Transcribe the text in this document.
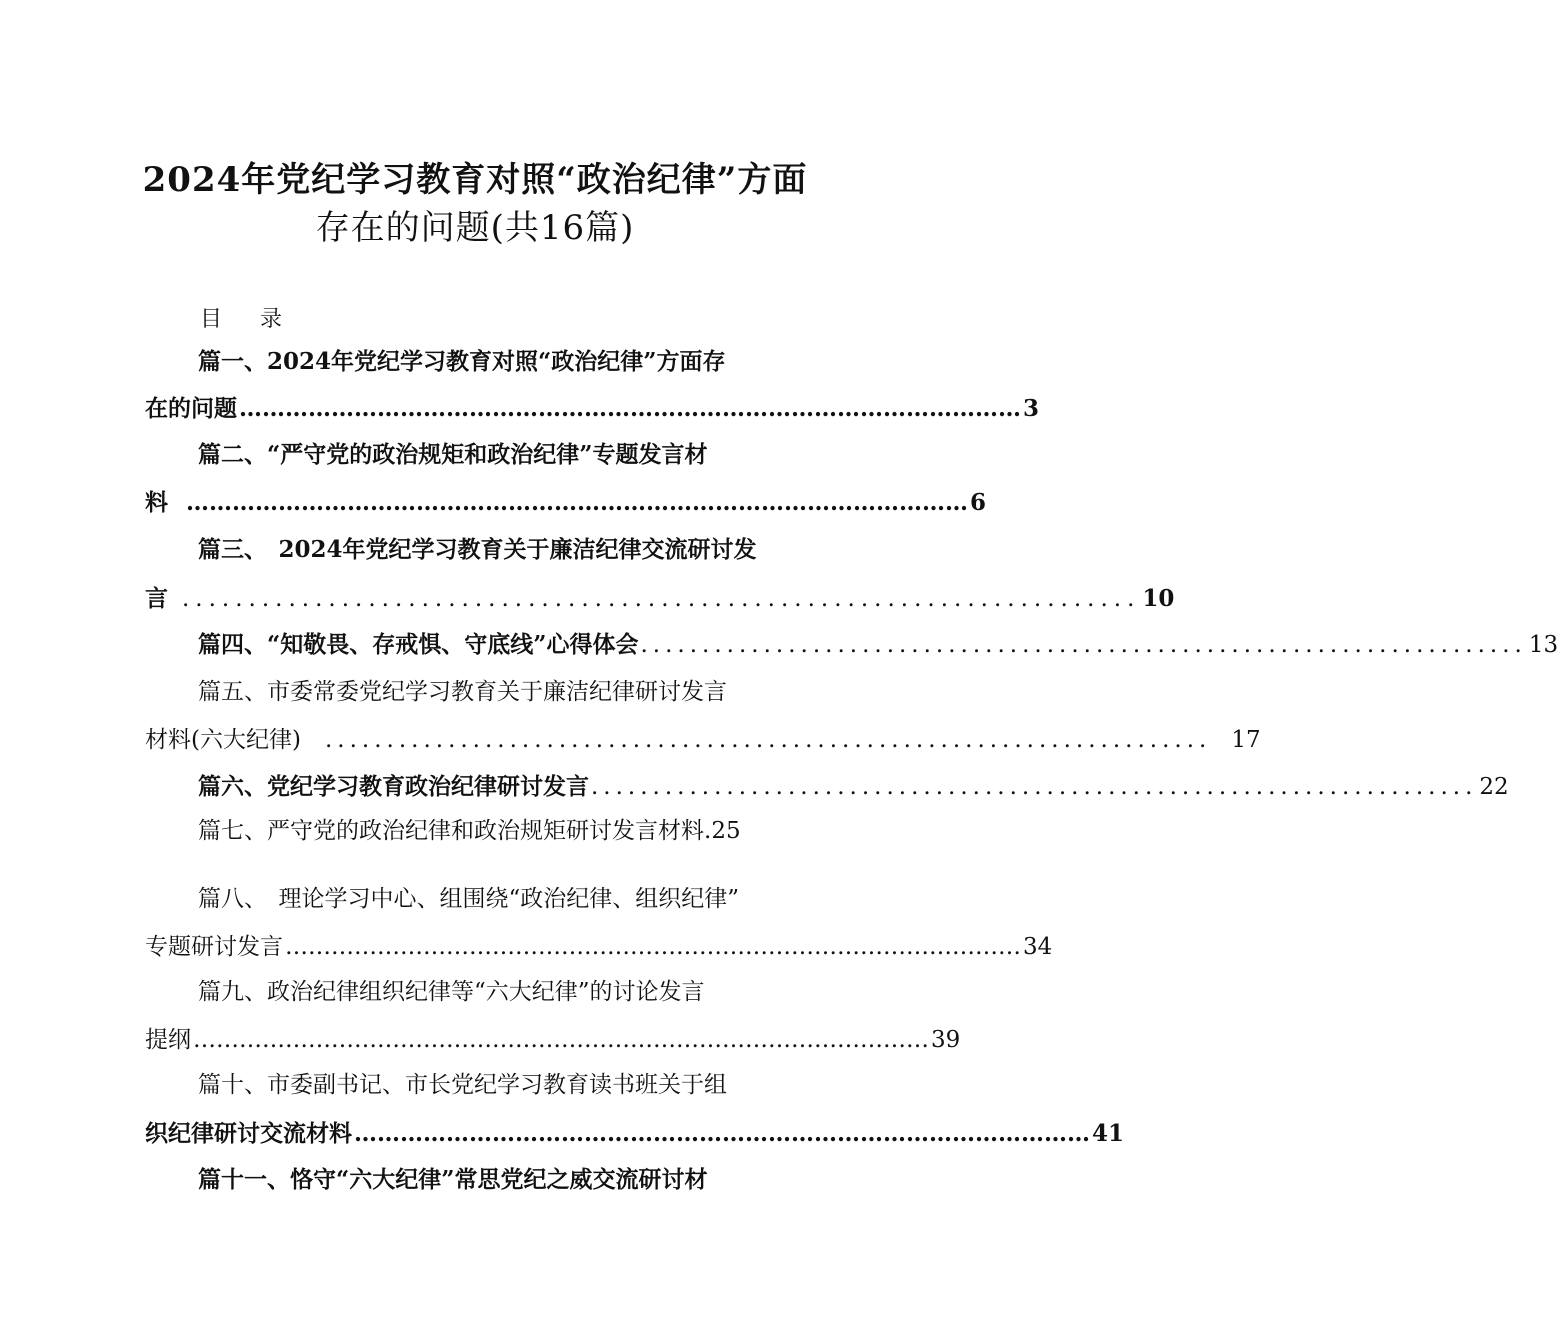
2024年党纪学习教育对照“政治纪律”方面
存在的问题(共16篇)
目 录
篇一、2024年党纪学习教育对照“政治纪律”方面存
在的问题 ………………………………………………………………………………………… 3
篇二、“严守党的政治规矩和政治纪律”专题发言材
料 ………………………………………………………………………………………… 6
篇三、　2024年党纪学习教育关于廉洁纪律交流研讨发
言 ........................................................................ 10
篇四、“知敬畏、存戒惧、守底线”心得体会 ........................................................................ 13
篇五、市委常委党纪学习教育关于廉洁纪律研讨发言
材料(六大纪律) ........................................................................ 17
篇六、党纪学习教育政治纪律研讨发言 ........................................................................ 22
篇七、严守党的政治纪律和政治规矩研讨发言材料 . 25
篇八、　理论学习中心、组围绕“政治纪律、组织纪律”
专题研讨发言 …………………………………………………………………………………… 34
篇九、政治纪律组织纪律等“六大纪律”的讨论发言
提纲 …………………………………………………………………………………… 39
篇十、市委副书记、市长党纪学习教育读书班关于组
织纪律研讨交流材料 …………………………………………………………………………………… 41
篇十一、恪守“六大纪律”常思党纪之威交流研讨材
